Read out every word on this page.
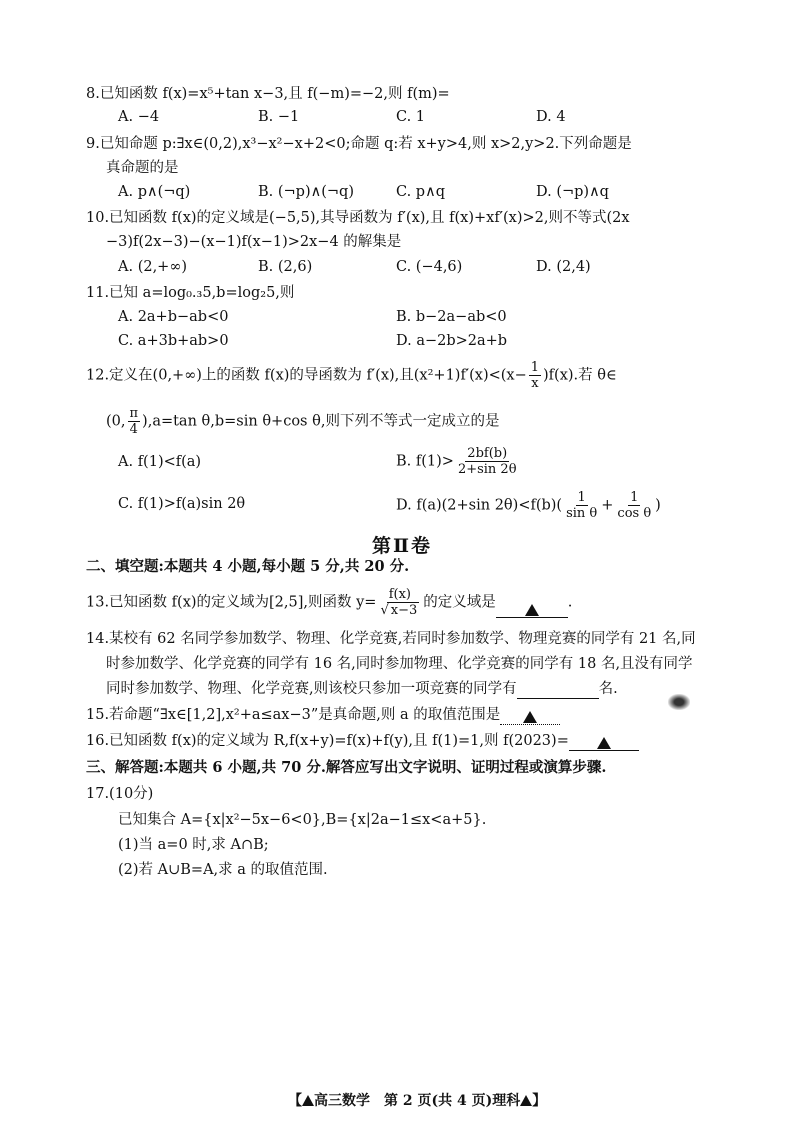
8.已知函数 f(x)=x⁵+tan x−3,且 f(−m)=−2,则 f(m)=
A. −4	B. −1	C. 1	D. 4
9.已知命题 p:∃x∈(0,2),x³−x²−x+2<0;命题 q:若 x+y>4,则 x>2,y>2.下列命题是
真命题的是
A. p∧(¬q)	B. (¬p)∧(¬q)	C. p∧q	D. (¬p)∧q
10.已知函数 f(x)的定义域是(−5,5),其导函数为 f′(x),且 f(x)+xf′(x)>2,则不等式(2x
−3)f(2x−3)−(x−1)f(x−1)>2x−4 的解集是
A. (2,+∞)	B. (2,6)	C. (−4,6)	D. (2,4)
11.已知 a=log₀.₃5,b=log₂5,则
A. 2a+b−ab<0	B. b−2a−ab<0
C. a+3b+ab>0	D. a−2b>2a+b
12.定义在(0,+∞)上的函数 f(x)的导函数为 f′(x),且$(x^2+1)f'(x)<(x- \frac{1}{x} )f(x)$.若 θ∈
(0, $\frac{\pi}{4} ),a=\tan$ θ,b=sin θ+cos θ,则下列不等式一定成立的是
A. f(1)<f(a)	B. $f(1)> \frac{2bf(b)}{2+\sin 2\theta}$
C. f(1)>f(a)sin 2θ	D. f(a)(2+sin $2\theta)<f(b)( \frac{1}{\text{sin θ}} + \frac{1}{\text{cos θ}}$ )
第Ⅱ卷
二、填空题:本题共 4 小题,每小题 5 分,共 20 分.
13.已知函数 f(x)的定义域为[2,5],则函数 $y= \frac{f(x)}{√ x-3}$ 的定义域是	.
14.某校有 62 名同学参加数学、物理、化学竞赛,若同时参加数学、物理竞赛的同学有 21 名,同
时参加数学、化学竞赛的同学有 16 名,同时参加物理、化学竞赛的同学有 18 名,且没有同学
同时参加数学、物理、化学竞赛,则该校只参加一项竞赛的同学有	名.
15.若命题“∃x∈[1,2],x²+a≤ax−3”是真命题,则 a 的取值范围是
16.已知函数 f(x)的定义域为 R,f(x+y)=f(x)+f(y),且 f(1)=1,则 f(2023)=
三、解答题:本题共 6 小题,共 70 分.解答应写出文字说明、证明过程或演算步骤.
17.(10分)
已知集合 A={x|x²−5x−6<0},B={x|2a−1≤x<a+5}.
(1)当 a=0 时,求 A∩B;
(2)若 A∪B=A,求 a 的取值范围.
【 高三数学　第 2 页(共 4 页)理科 】
